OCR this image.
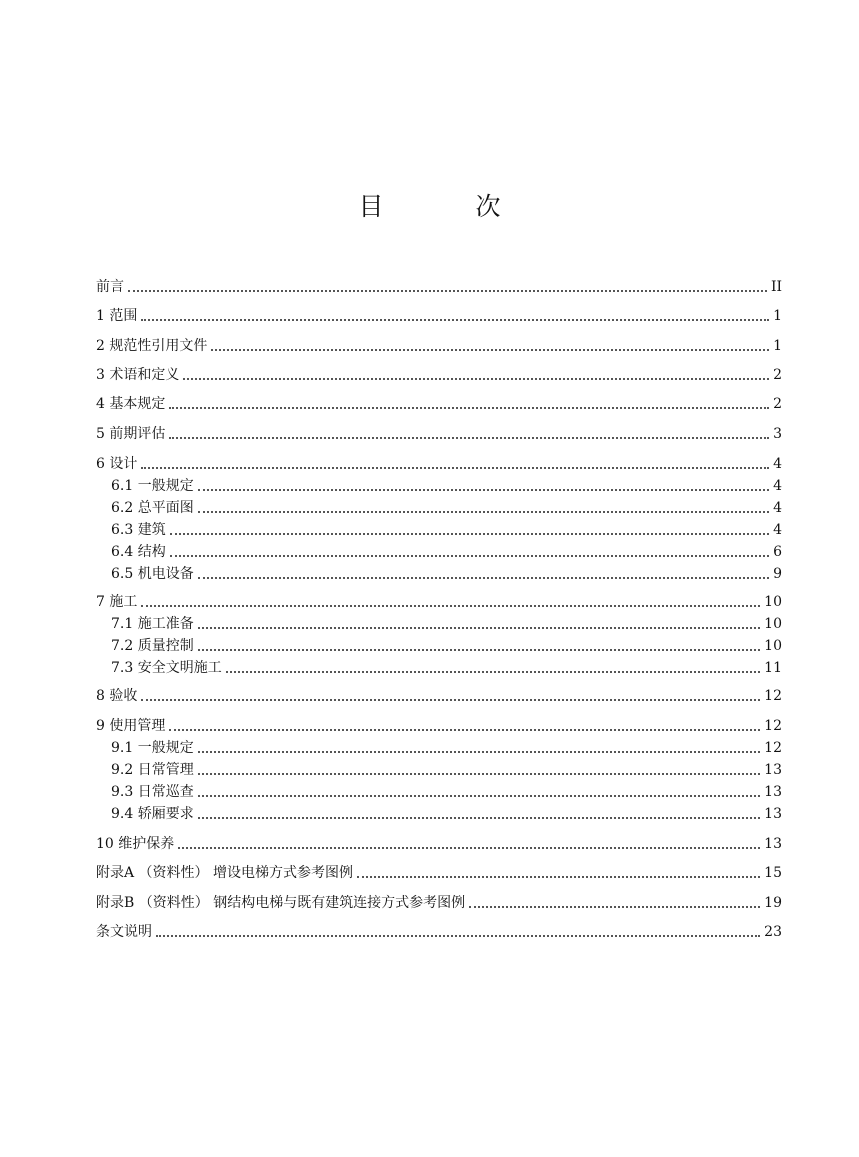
目 次
前言	II
1 范围	1
2 规范性引用文件	1
3 术语和定义	2
4 基本规定	2
5 前期评估	3
6 设计	4
6.1 一般规定	4
6.2 总平面图	4
6.3 建筑	4
6.4 结构	6
6.5 机电设备	9
7 施工	10
7.1 施工准备	10
7.2 质量控制	10
7.3 安全文明施工	11
8 验收	12
9 使用管理	12
9.1 一般规定	12
9.2 日常管理	13
9.3 日常巡查	13
9.4 轿厢要求	13
10 维护保养	13
附录A （资料性） 增设电梯方式参考图例	15
附录B （资料性） 钢结构电梯与既有建筑连接方式参考图例	19
条文说明	23
